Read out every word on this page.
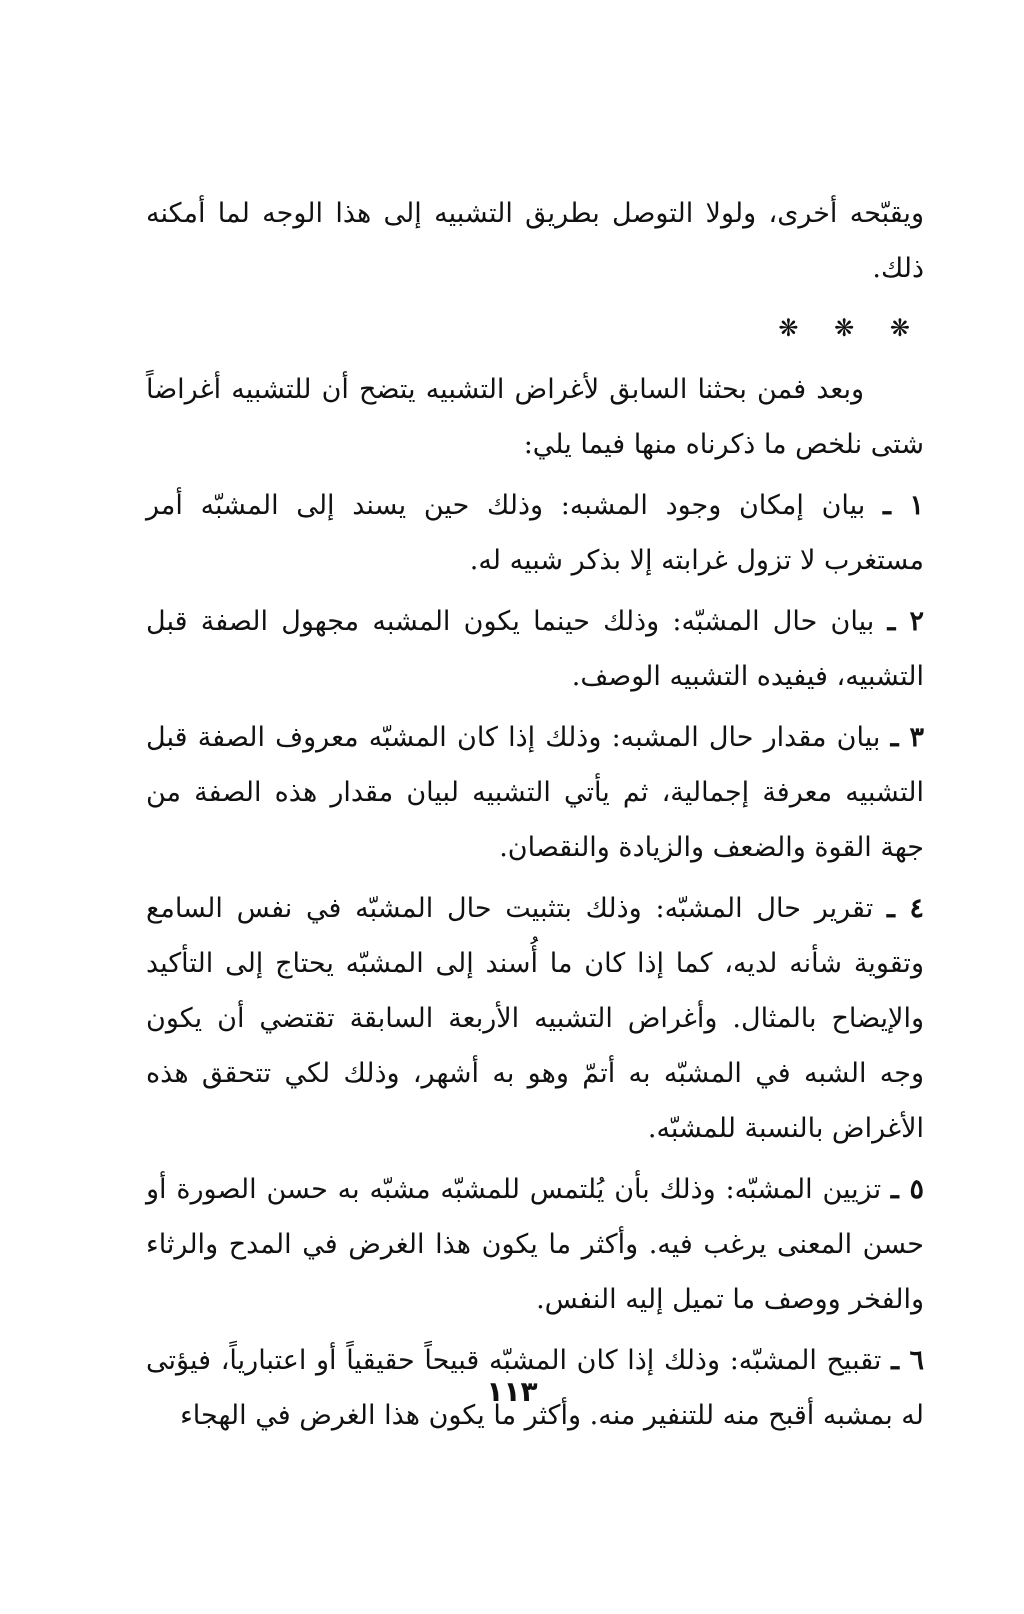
ويقبّحه أخرى، ولولا التوصل بطريق التشبيه إلى هذا الوجه لما أمكنه ذلك.

❋ ❋ ❋

وبعد فمن بحثنا السابق لأغراض التشبيه يتضح أن للتشبيه أغراضاً شتى نلخص ما ذكرناه منها فيما يلي:

١ ـ بيان إمكان وجود المشبه: وذلك حين يسند إلى المشبّه أمر مستغرب لا تزول غرابته إلا بذكر شبيه له.

٢ ـ بيان حال المشبّه: وذلك حينما يكون المشبه مجهول الصفة قبل التشبيه، فيفيده التشبيه الوصف.

٣ ـ بيان مقدار حال المشبه: وذلك إذا كان المشبّه معروف الصفة قبل التشبيه معرفة إجمالية، ثم يأتي التشبيه لبيان مقدار هذه الصفة من جهة القوة والضعف والزيادة والنقصان.

٤ ـ تقرير حال المشبّه: وذلك بتثبيت حال المشبّه في نفس السامع وتقوية شأنه لديه، كما إذا كان ما أُسند إلى المشبّه يحتاج إلى التأكيد والإيضاح بالمثال. وأغراض التشبيه الأربعة السابقة تقتضي أن يكون وجه الشبه في المشبّه به أتمّ وهو به أشهر، وذلك لكي تتحقق هذه الأغراض بالنسبة للمشبّه.

٥ ـ تزيين المشبّه: وذلك بأن يُلتمس للمشبّه مشبّه به حسن الصورة أو حسن المعنى يرغب فيه. وأكثر ما يكون هذا الغرض في المدح والرثاء والفخر ووصف ما تميل إليه النفس.

٦ ـ تقبيح المشبّه: وذلك إذا كان المشبّه قبيحاً حقيقياً أو اعتبارياً، فيؤتى له بمشبه أقبح منه للتنفير منه. وأكثر ما يكون هذا الغرض في الهجاء

١١٣
